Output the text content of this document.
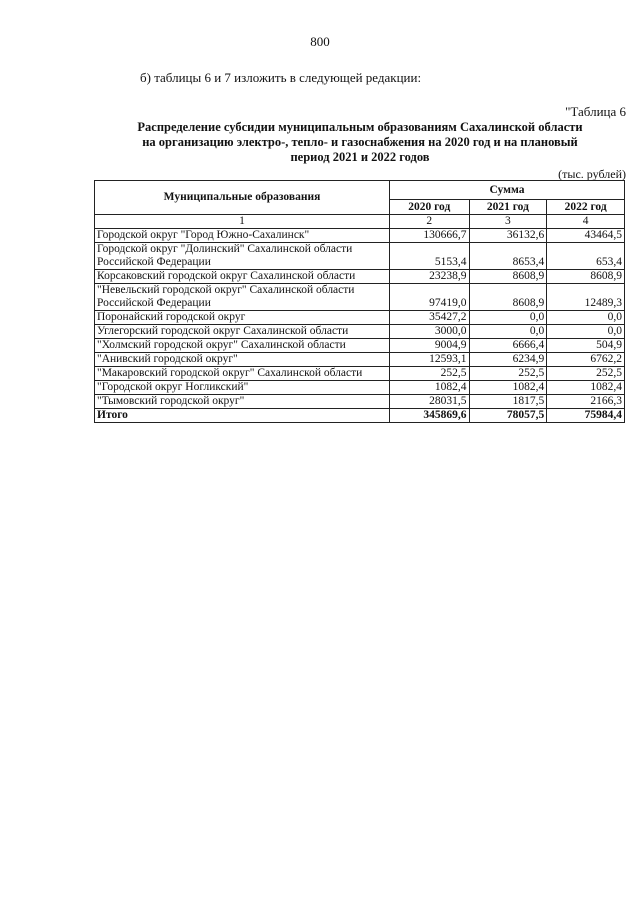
800
б) таблицы 6 и 7 изложить в следующей редакции:
"Таблица 6
Распределение субсидии муниципальным образованиям Сахалинской области
на организацию электро-, тепло- и газоснабжения на 2020 год и на плановый
период 2021 и 2022 годов
(тыс. рублей)
Муниципальные образования	Сумма		
	2020 год	2021 год	2022 год
1	2	3	4
Городской округ "Город Южно-Сахалинск"	130666,7	36132,6	43464,5
Городской округ "Долинский" Сахалинской области Российской Федерации	5153,4	8653,4	653,4
Корсаковский городской округ Сахалинской области	23238,9	8608,9	8608,9
"Невельский городской округ" Сахалинской области Российской Федерации	97419,0	8608,9	12489,3
Поронайский городской округ	35427,2	0,0	0,0
Углегорский городской округ Сахалинской области	3000,0	0,0	0,0
"Холмский городской округ" Сахалинской области	9004,9	6666,4	504,9
"Анивский городской округ"	12593,1	6234,9	6762,2
"Макаровский городской округ" Сахалинской области	252,5	252,5	252,5
"Городской округ Ногликский"	1082,4	1082,4	1082,4
"Тымовский городской округ"	28031,5	1817,5	2166,3
Итого	345869,6	78057,5	75984,4
